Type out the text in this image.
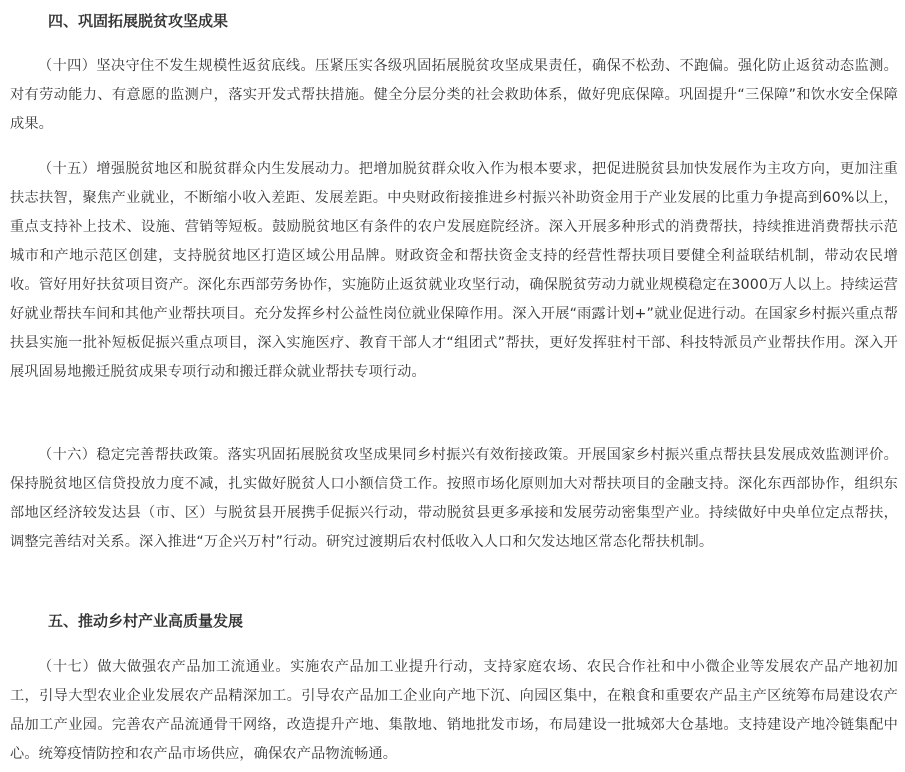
四、巩固拓展脱贫攻坚成果

（十四）坚决守住不发生规模性返贫底线。压紧压实各级巩固拓展脱贫攻坚成果责任，确保不松劲、不跑偏。强化防止返贫动态监测。对有劳动能力、有意愿的监测户，落实开发式帮扶措施。健全分层分类的社会救助体系，做好兜底保障。巩固提升“三保障”和饮水安全保障成果。

（十五）增强脱贫地区和脱贫群众内生发展动力。把增加脱贫群众收入作为根本要求，把促进脱贫县加快发展作为主攻方向，更加注重扶志扶智，聚焦产业就业，不断缩小收入差距、发展差距。中央财政衔接推进乡村振兴补助资金用于产业发展的比重力争提高到60%以上，重点支持补上技术、设施、营销等短板。鼓励脱贫地区有条件的农户发展庭院经济。深入开展多种形式的消费帮扶，持续推进消费帮扶示范城市和产地示范区创建，支持脱贫地区打造区域公用品牌。财政资金和帮扶资金支持的经营性帮扶项目要健全利益联结机制，带动农民增收。管好用好扶贫项目资产。深化东西部劳务协作，实施防止返贫就业攻坚行动，确保脱贫劳动力就业规模稳定在3000万人以上。持续运营好就业帮扶车间和其他产业帮扶项目。充分发挥乡村公益性岗位就业保障作用。深入开展“雨露计划+”就业促进行动。在国家乡村振兴重点帮扶县实施一批补短板促振兴重点项目，深入实施医疗、教育干部人才“组团式”帮扶，更好发挥驻村干部、科技特派员产业帮扶作用。深入开展巩固易地搬迁脱贫成果专项行动和搬迁群众就业帮扶专项行动。

（十六）稳定完善帮扶政策。落实巩固拓展脱贫攻坚成果同乡村振兴有效衔接政策。开展国家乡村振兴重点帮扶县发展成效监测评价。保持脱贫地区信贷投放力度不减，扎实做好脱贫人口小额信贷工作。按照市场化原则加大对帮扶项目的金融支持。深化东西部协作，组织东部地区经济较发达县（市、区）与脱贫县开展携手促振兴行动，带动脱贫县更多承接和发展劳动密集型产业。持续做好中央单位定点帮扶，调整完善结对关系。深入推进“万企兴万村”行动。研究过渡期后农村低收入人口和欠发达地区常态化帮扶机制。

五、推动乡村产业高质量发展

（十七）做大做强农产品加工流通业。实施农产品加工业提升行动，支持家庭农场、农民合作社和中小微企业等发展农产品产地初加工，引导大型农业企业发展农产品精深加工。引导农产品加工企业向产地下沉、向园区集中，在粮食和重要农产品主产区统筹布局建设农产品加工产业园。完善农产品流通骨干网络，改造提升产地、集散地、销地批发市场，布局建设一批城郊大仓基地。支持建设产地冷链集配中心。统筹疫情防控和农产品市场供应，确保农产品物流畅通。
